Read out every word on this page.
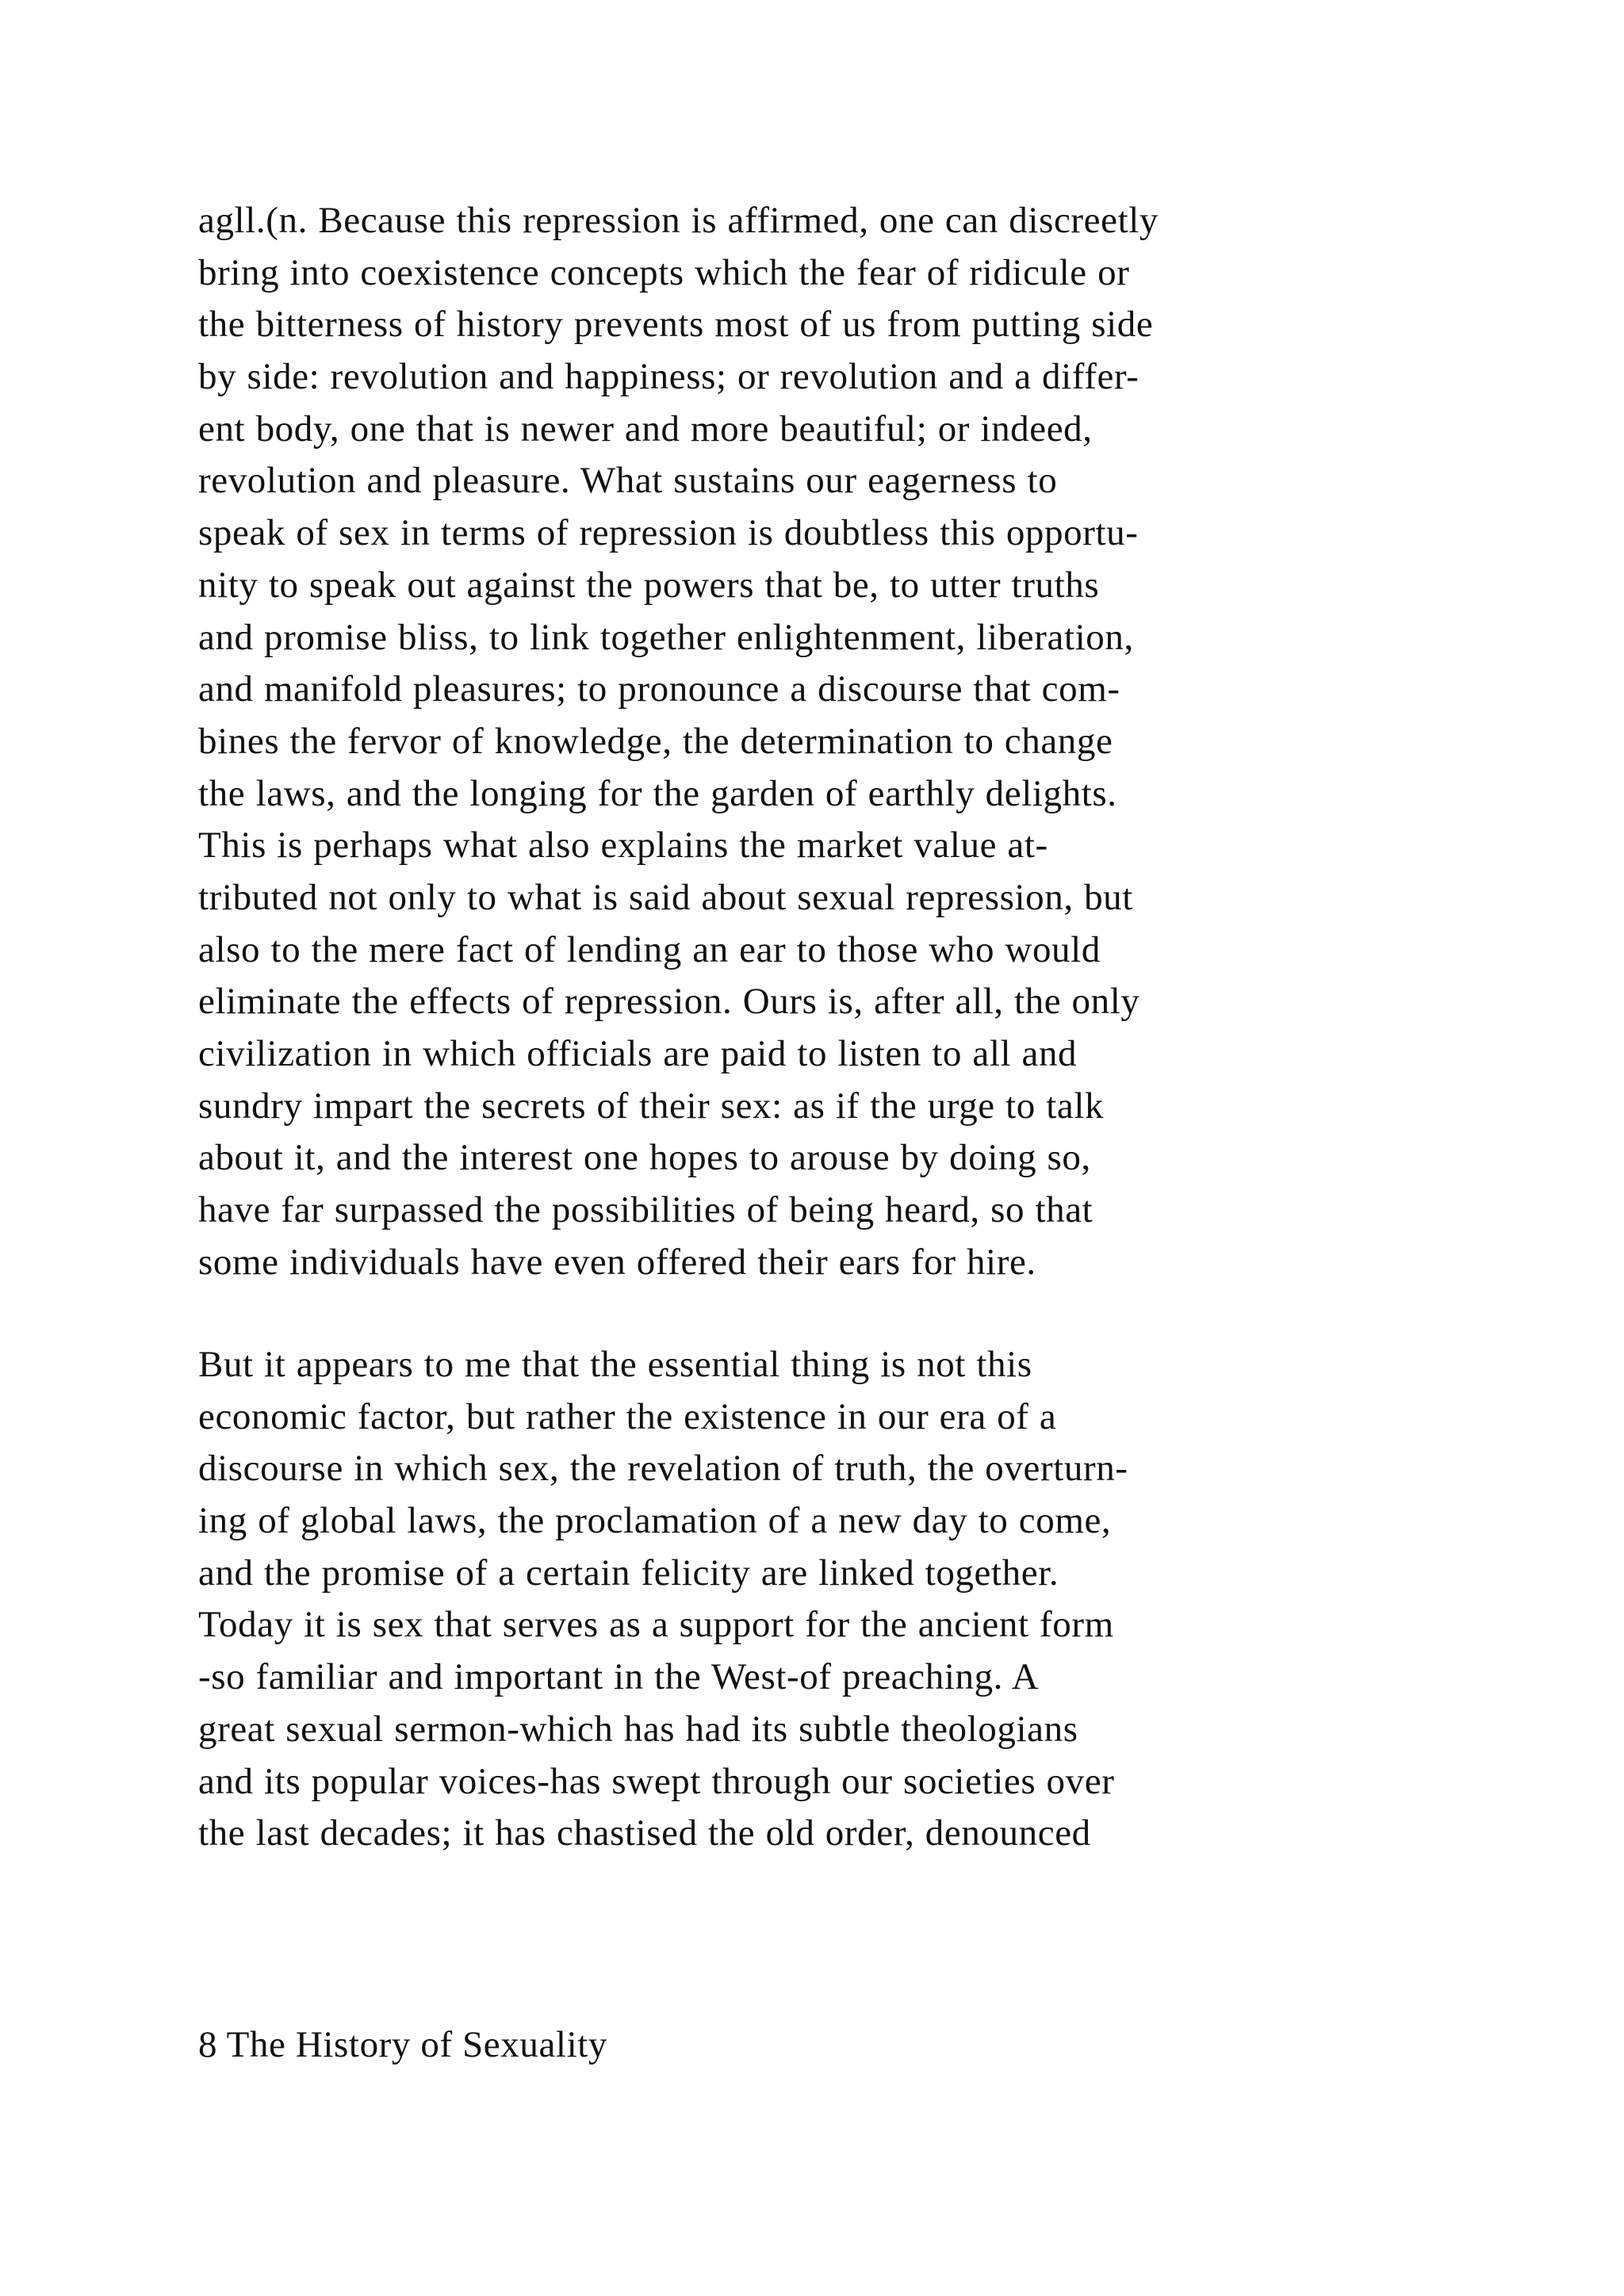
agll.(n. Because this repression is affirmed, one can discreetly
bring into coexistence concepts which the fear of ridicule or
the bitterness of history prevents most of us from putting side
by side: revolution and happiness; or revolution and a differ-
ent body, one that is newer and more beautiful; or indeed,
revolution and pleasure. What sustains our eagerness to
speak of sex in terms of repression is doubtless this opportu-
nity to speak out against the powers that be, to utter truths
and promise bliss, to link together enlightenment, liberation,
and manifold pleasures; to pronounce a discourse that com-
bines the fervor of knowledge, the determination to change
the laws, and the longing for the garden of earthly delights.
This is perhaps what also explains the market value at-
tributed not only to what is said about sexual repression, but
also to the mere fact of lending an ear to those who would
eliminate the effects of repression. Ours is, after all, the only
civilization in which officials are paid to listen to all and
sundry impart the secrets of their sex: as if the urge to talk
about it, and the interest one hopes to arouse by doing so,
have far surpassed the possibilities of being heard, so that
some individuals have even offered their ears for hire.
But it appears to me that the essential thing is not this
economic factor, but rather the existence in our era of a
discourse in which sex, the revelation of truth, the overturn-
ing of global laws, the proclamation of a new day to come,
and the promise of a certain felicity are linked together.
Today it is sex that serves as a support for the ancient form
-so familiar and important in the West-of preaching. A
great sexual sermon-which has had its subtle theologians
and its popular voices-has swept through our societies over
the last decades; it has chastised the old order, denounced
8 The History of Sexuality
